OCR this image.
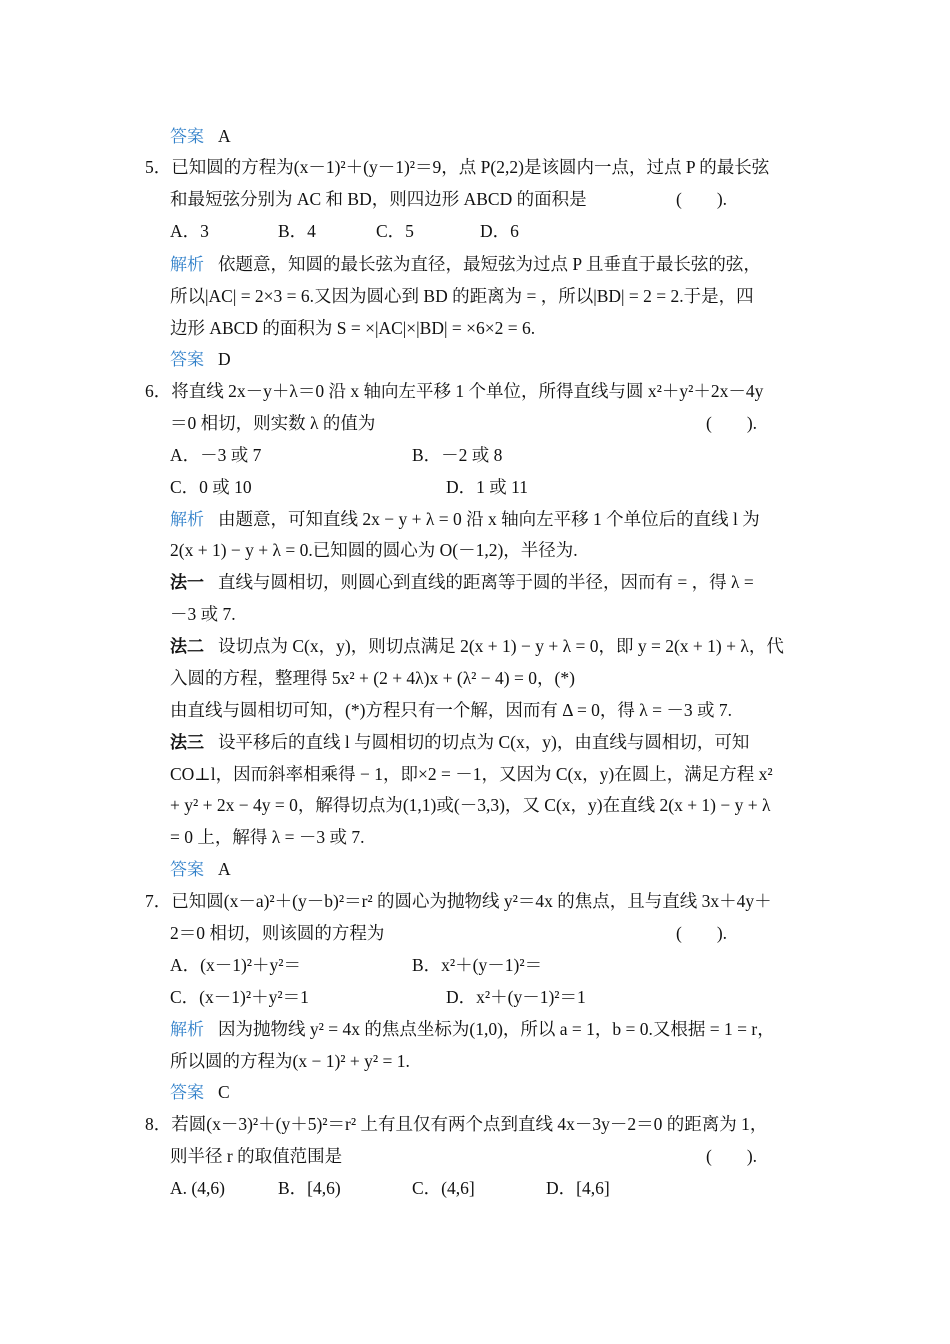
答案 A
5．已知圆的方程为(x－1)²＋(y－1)²＝9，点 P(2,2)是该圆内一点，过点 P 的最长弦
和最短弦分别为 AC 和 BD，则四边形 ABCD 的面积是	(　　).
A．3	B．4	C．5	D．6
解析 依题意，知圆的最长弦为直径，最短弦为过点 P 且垂直于最长弦的弦，
所以|AC| = 2×3 = 6.又因为圆心到 BD 的距离为 = ，所以|BD| = 2 = 2.于是，四
边形 ABCD 的面积为 S = ×|AC|×|BD| = ×6×2 = 6.
答案 D
6．将直线 2x－y＋λ＝0 沿 x 轴向左平移 1 个单位，所得直线与圆 x²＋y²＋2x－4y
＝0 相切，则实数 λ 的值为	(　　).
A．－3 或 7	B．－2 或 8
C．0 或 10	D．1 或 11
解析 由题意，可知直线 2x − y + λ = 0 沿 x 轴向左平移 1 个单位后的直线 l 为
2(x + 1) − y + λ = 0.已知圆的圆心为 O(－1,2)，半径为.
法一 直线与圆相切，则圆心到直线的距离等于圆的半径，因而有 = ，得 λ =
－3 或 7.
法二 设切点为 C(x，y)，则切点满足 2(x + 1) − y + λ = 0，即 y = 2(x + 1) + λ，代
入圆的方程，整理得 5x² + (2 + 4λ)x + (λ² − 4) = 0，(*)
由直线与圆相切可知，(*)方程只有一个解，因而有 Δ = 0，得 λ = －3 或 7.
法三 设平移后的直线 l 与圆相切的切点为 C(x，y)，由直线与圆相切，可知
CO⊥l，因而斜率相乘得 − 1，即×2 = －1，又因为 C(x，y)在圆上，满足方程 x²
+ y² + 2x − 4y = 0，解得切点为(1,1)或(－3,3)，又 C(x，y)在直线 2(x + 1) − y + λ
= 0 上，解得 λ = －3 或 7.
答案 A
7．已知圆(x－a)²＋(y－b)²＝r² 的圆心为抛物线 y²＝4x 的焦点，且与直线 3x＋4y＋
2＝0 相切，则该圆的方程为	(　　).
A．(x－1)²＋y²＝	B．x²＋(y－1)²＝
C．(x－1)²＋y²＝1	D．x²＋(y－1)²＝1
解析 因为抛物线 y² = 4x 的焦点坐标为(1,0)，所以 a = 1，b = 0.又根据 = 1 = r，
所以圆的方程为(x − 1)² + y² = 1.
答案 C
8．若圆(x－3)²＋(y＋5)²＝r² 上有且仅有两个点到直线 4x－3y－2＝0 的距离为 1，
则半径 r 的取值范围是	(　　).
A. (4,6)	B．[4,6)	C．(4,6]	D．[4,6]
